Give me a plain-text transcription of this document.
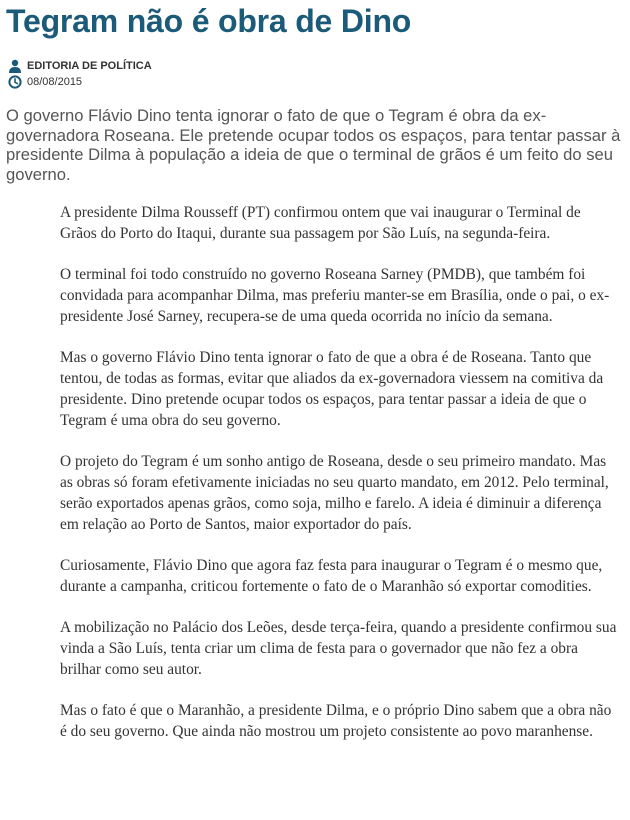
Tegram não é obra de Dino
EDITORIA DE POLÍTICA
08/08/2015

O governo Flávio Dino tenta ignorar o fato de que o Tegram é obra da ex-governadora Roseana. Ele pretende ocupar todos os espaços, para tentar passar à presidente Dilma à população a ideia de que o terminal de grãos é um feito do seu governo.

A presidente Dilma Rousseff (PT) confirmou ontem que vai inaugurar o Terminal de Grãos do Porto do Itaqui, durante sua passagem por São Luís, na segunda-feira.

O terminal foi todo construído no governo Roseana Sarney (PMDB), que também foi convidada para acompanhar Dilma, mas preferiu manter-se em Brasília, onde o pai, o ex-presidente José Sarney, recupera-se de uma queda ocorrida no início da semana.

Mas o governo Flávio Dino tenta ignorar o fato de que a obra é de Roseana. Tanto que tentou, de todas as formas, evitar que aliados da ex-governadora viessem na comitiva da presidente. Dino pretende ocupar todos os espaços, para tentar passar a ideia de que o Tegram é uma obra do seu governo.

O projeto do Tegram é um sonho antigo de Roseana, desde o seu primeiro mandato. Mas as obras só foram efetivamente iniciadas no seu quarto mandato, em 2012. Pelo terminal, serão exportados apenas grãos, como soja, milho e farelo. A ideia é diminuir a diferença em relação ao Porto de Santos, maior exportador do país.

Curiosamente, Flávio Dino que agora faz festa para inaugurar o Tegram é o mesmo que, durante a campanha, criticou fortemente o fato de o Maranhão só exportar comodities.

A mobilização no Palácio dos Leões, desde terça-feira, quando a presidente confirmou sua vinda a São Luís, tenta criar um clima de festa para o governador que não fez a obra brilhar como seu autor.

Mas o fato é que o Maranhão, a presidente Dilma, e o próprio Dino sabem que a obra não é do seu governo. Que ainda não mostrou um projeto consistente ao povo maranhense.
